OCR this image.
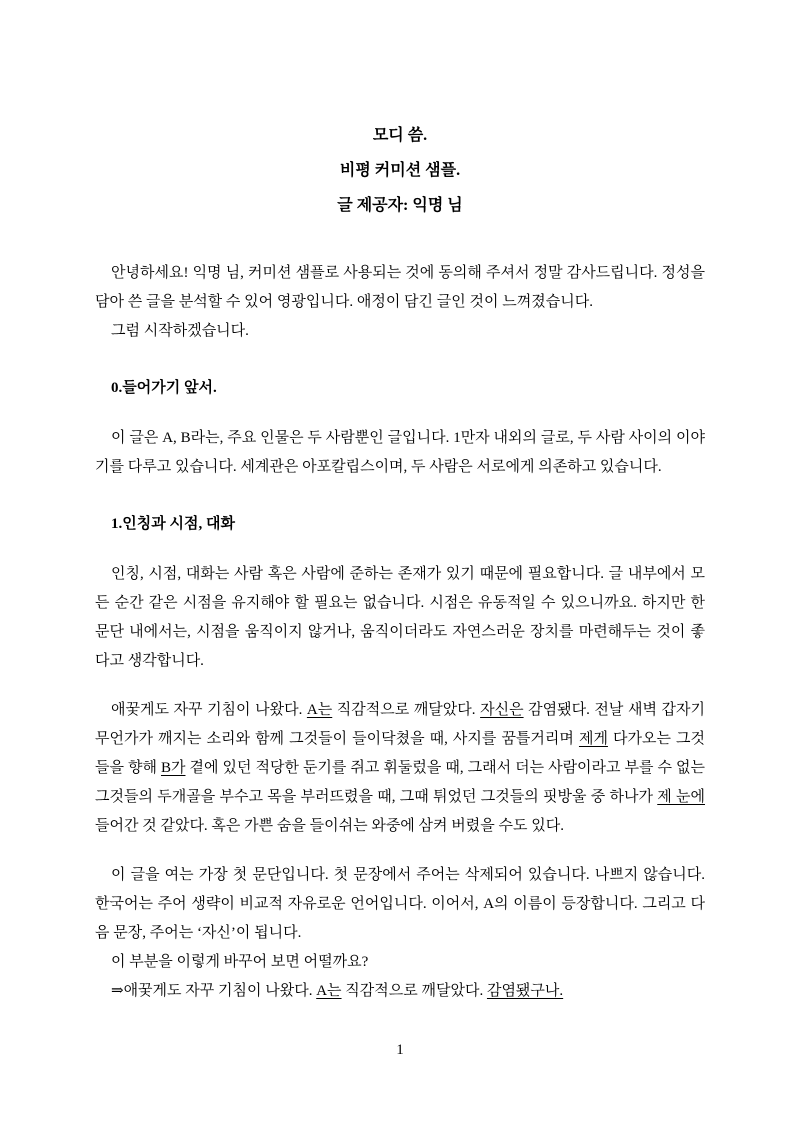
모디 씀.

비평 커미션 샘플.

글 제공자: 익명 님

안녕하세요! 익명 님, 커미션 샘플로 사용되는 것에 동의해 주셔서 정말 감사드립니다. 정성을 담아 쓴 글을 분석할 수 있어 영광입니다. 애정이 담긴 글인 것이 느껴졌습니다.

그럼 시작하겠습니다.

0.들어가기 앞서.

이 글은 A, B라는, 주요 인물은 두 사람뿐인 글입니다. 1만자 내외의 글로, 두 사람 사이의 이야기를 다루고 있습니다. 세계관은 아포칼립스이며, 두 사람은 서로에게 의존하고 있습니다.

1.인칭과 시점, 대화

인칭, 시점, 대화는 사람 혹은 사람에 준하는 존재가 있기 때문에 필요합니다. 글 내부에서 모든 순간 같은 시점을 유지해야 할 필요는 없습니다. 시점은 유동적일 수 있으니까요. 하지만 한 문단 내에서는, 시점을 움직이지 않거나, 움직이더라도 자연스러운 장치를 마련해두는 것이 좋다고 생각합니다.

애꿎게도 자꾸 기침이 나왔다. A는 직감적으로 깨달았다. 자신은 감염됐다. 전날 새벽 갑자기 무언가가 깨지는 소리와 함께 그것들이 들이닥쳤을 때, 사지를 꿈틀거리며 제게 다가오는 그것들을 향해 B가 곁에 있던 적당한 둔기를 쥐고 휘둘렀을 때, 그래서 더는 사람이라고 부를 수 없는 그것들의 두개골을 부수고 목을 부러뜨렸을 때, 그때 튀었던 그것들의 핏방울 중 하나가 제 눈에 들어간 것 같았다. 혹은 가쁜 숨을 들이쉬는 와중에 삼켜 버렸을 수도 있다.

이 글을 여는 가장 첫 문단입니다. 첫 문장에서 주어는 삭제되어 있습니다. 나쁘지 않습니다. 한국어는 주어 생략이 비교적 자유로운 언어입니다. 이어서, A의 이름이 등장합니다. 그리고 다음 문장, 주어는 ‘자신’이 됩니다.

이 부분을 이렇게 바꾸어 보면 어떨까요?

⇒애꿎게도 자꾸 기침이 나왔다. A는 직감적으로 깨달았다. 감염됐구나.

1
